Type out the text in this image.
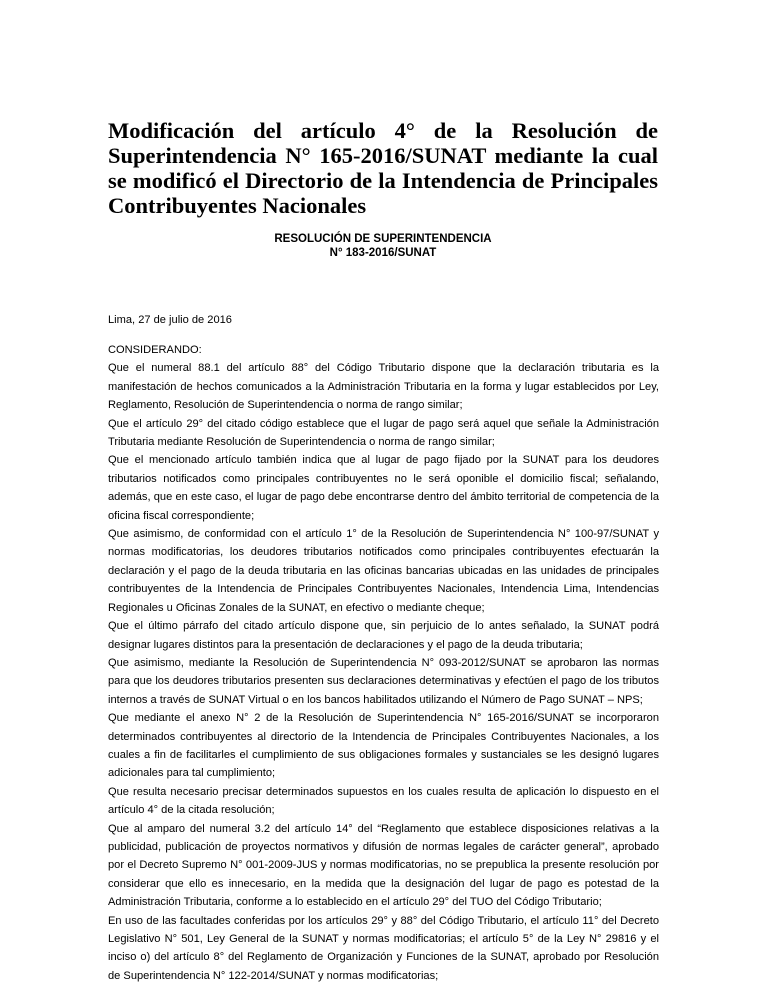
Modificación del artículo 4° de la Resolución de Superintendencia N° 165-2016/SUNAT mediante la cual se modificó el Directorio de la Intendencia de Principales Contribuyentes Nacionales
RESOLUCIÓN DE SUPERINTENDENCIA
N° 183-2016/SUNAT

Lima, 27 de julio de 2016

CONSIDERANDO:

Que el numeral 88.1 del artículo 88° del Código Tributario dispone que la declaración tributaria es la manifestación de hechos comunicados a la Administración Tributaria en la forma y lugar establecidos por Ley, Reglamento, Resolución de Superintendencia o norma de rango similar;

Que el artículo 29° del citado código establece que el lugar de pago será aquel que señale la Administración Tributaria mediante Resolución de Superintendencia o norma de rango similar;

Que el mencionado artículo también indica que al lugar de pago fijado por la SUNAT para los deudores tributarios notificados como principales contribuyentes no le será oponible el domicilio fiscal; señalando, además, que en este caso, el lugar de pago debe encontrarse dentro del ámbito territorial de competencia de la oficina fiscal correspondiente;

Que asimismo, de conformidad con el artículo 1° de la Resolución de Superintendencia N° 100-97/SUNAT y normas modificatorias, los deudores tributarios notificados como principales contribuyentes efectuarán la declaración y el pago de la deuda tributaria en las oficinas bancarias ubicadas en las unidades de principales contribuyentes de la Intendencia de Principales Contribuyentes Nacionales, Intendencia Lima, Intendencias Regionales u Oficinas Zonales de la SUNAT, en efectivo o mediante cheque;

Que el último párrafo del citado artículo dispone que, sin perjuicio de lo antes señalado, la SUNAT podrá designar lugares distintos para la presentación de declaraciones y el pago de la deuda tributaria;

Que asimismo, mediante la Resolución de Superintendencia N° 093-2012/SUNAT se aprobaron las normas para que los deudores tributarios presenten sus declaraciones determinativas y efectúen el pago de los tributos internos a través de SUNAT Virtual o en los bancos habilitados utilizando el Número de Pago SUNAT – NPS;

Que mediante el anexo N° 2 de la Resolución de Superintendencia N° 165-2016/SUNAT se incorporaron determinados contribuyentes al directorio de la Intendencia de Principales Contribuyentes Nacionales, a los cuales a fin de facilitarles el cumplimiento de sus obligaciones formales y sustanciales se les designó lugares adicionales para tal cumplimiento;

Que resulta necesario precisar determinados supuestos en los cuales resulta de aplicación lo dispuesto en el artículo 4° de la citada resolución;

Que al amparo del numeral 3.2 del artículo 14° del “Reglamento que establece disposiciones relativas a la publicidad, publicación de proyectos normativos y difusión de normas legales de carácter general”, aprobado por el Decreto Supremo N° 001-2009-JUS y normas modificatorias, no se prepublica la presente resolución por considerar que ello es innecesario, en la medida que la designación del lugar de pago es potestad de la Administración Tributaria, conforme a lo establecido en el artículo 29° del TUO del Código Tributario;

En uso de las facultades conferidas por los artículos 29° y 88° del Código Tributario, el artículo 11° del Decreto Legislativo N° 501, Ley General de la SUNAT y normas modificatorias; el artículo 5° de la Ley N° 29816 y el inciso o) del artículo 8° del Reglamento de Organización y Funciones de la SUNAT, aprobado por Resolución de Superintendencia N° 122-2014/SUNAT y normas modificatorias;
